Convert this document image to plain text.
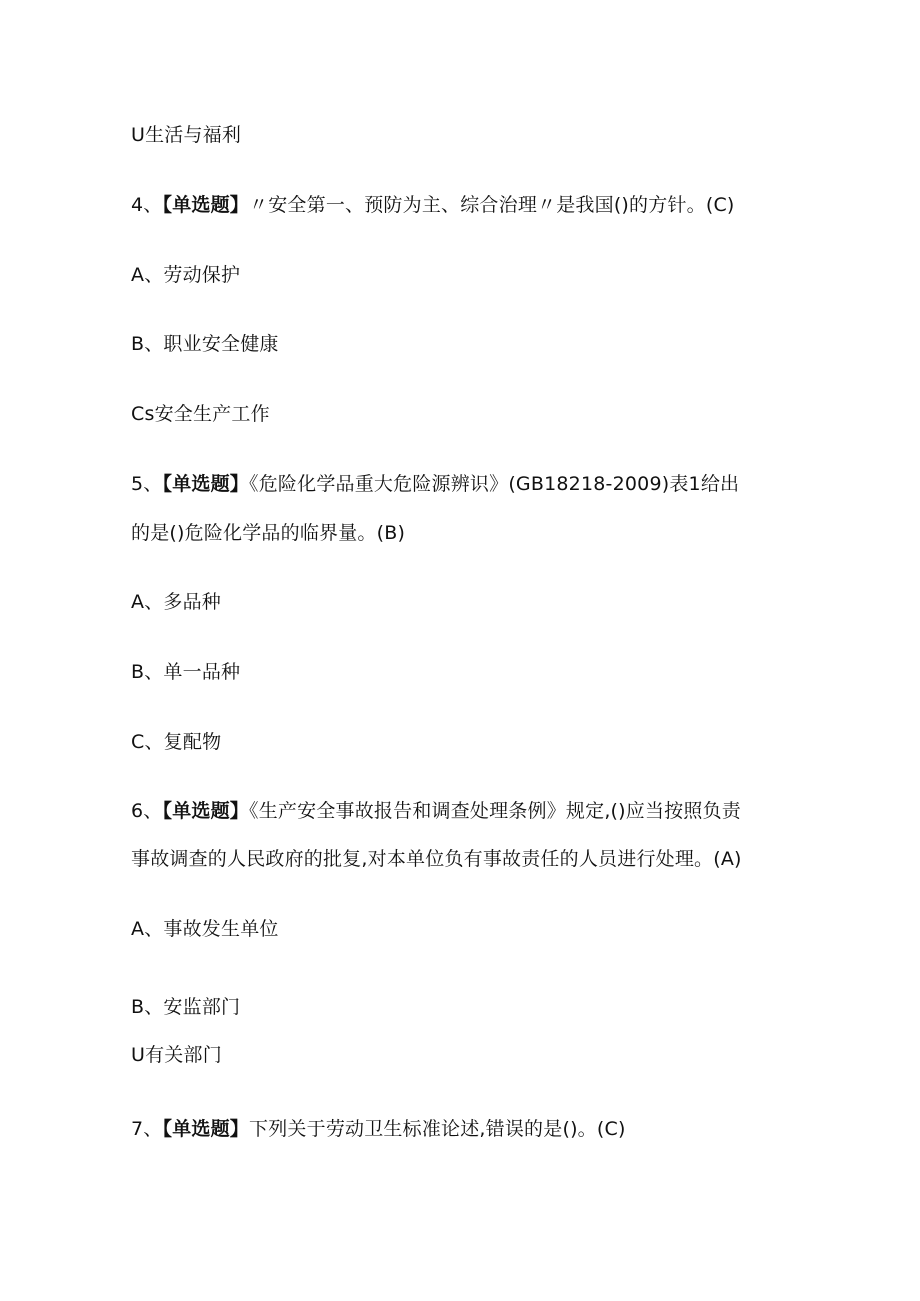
U生活与福利
4、【单选题】〃安全第一、预防为主、综合治理〃是我国()的方针。(C)
A、劳动保护
B、职业安全健康
Cs安全生产工作
5、【单选题】《危险化学品重大危险源辨识》(GB18218-2009)表1给出
的是()危险化学品的临界量。(B)
A、多品种
B、单一品种
C、复配物
6、【单选题】《生产安全事故报告和调查处理条例》规定,()应当按照负责
事故调查的人民政府的批复,对本单位负有事故责任的人员进行处理。(A)
A、事故发生单位
B、安监部门
U有关部门
7、【单选题】下列关于劳动卫生标准论述,错误的是()。(C)
